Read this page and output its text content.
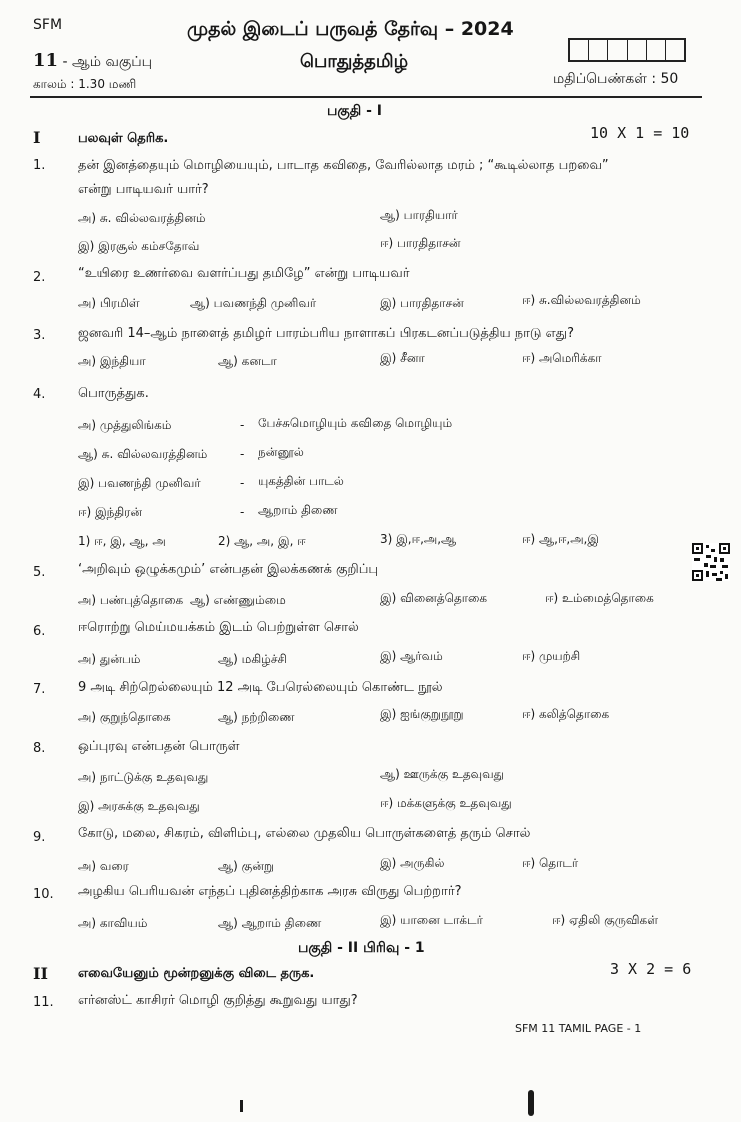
SFM	முதல் இடைப் பருவத் தேர்வு – 2024
11 - ஆம் வகுப்பு	பொதுத்தமிழ்
காலம் : 1.30 மணி	மதிப்பெண்கள் : 50
பகுதி - I
I	பலவுள் தெரிக.	10 X 1 = 10
1.	தன் இனத்தையும் மொழியையும், பாடாத கவிதை, வேரில்லாத மரம் ; “கூடில்லாத பறவை”
என்று பாடியவர் யார்?
அ) சு. வில்லவரத்தினம்	ஆ) பாரதியார்
இ) இரசூல் கம்சதோவ்	ஈ) பாரதிதாசன்
2.	“உயிரை உணர்வை வளர்ப்பது தமிழே” என்று பாடியவர்
அ) பிரமிள்	ஆ) பவணந்தி முனிவர்	இ) பாரதிதாசன்	ஈ) சு.வில்லவரத்தினம்
3.	ஜனவரி 14–ஆம் நாளைத் தமிழர் பாரம்பரிய நாளாகப் பிரகடனப்படுத்திய நாடு எது?
அ) இந்தியா	ஆ) கனடா	இ) சீனா	ஈ) அமெரிக்கா
4.	பொருத்துக.
அ) முத்துலிங்கம்	- பேச்சுமொழியும் கவிதை மொழியும்
ஆ) சு. வில்லவரத்தினம்	- நன்னூல்
இ) பவணந்தி முனிவர்	- யுகத்தின் பாடல்
ஈ) இந்திரன்	- ஆறாம் திணை
1) ஈ, இ, ஆ, அ	2) ஆ, அ, இ, ஈ	3) இ,ஈ,அ,ஆ	ஈ) ஆ,ஈ,அ,இ
5.	‘அறிவும் ஒழுக்கமும்’ என்பதன் இலக்கணக் குறிப்பு
அ) பண்புத்தொகை ஆ) எண்ணும்மை	இ) வினைத்தொகை	ஈ) உம்மைத்தொகை
6.	ஈரொற்று மெய்மயக்கம் இடம் பெற்றுள்ள சொல்
அ) துன்பம்	ஆ) மகிழ்ச்சி	இ) ஆர்வம்	ஈ) முயற்சி
7.	9 அடி சிற்றெல்லையும் 12 அடி பேரெல்லையும் கொண்ட நூல்
அ) குறுந்தொகை	ஆ) நற்றிணை	இ) ஐங்குறுநூறு	ஈ) கலித்தொகை
8.	ஒப்புரவு என்பதன் பொருள்
அ) நாட்டுக்கு உதவுவது	ஆ) ஊருக்கு உதவுவது
இ) அரசுக்கு உதவுவது	ஈ) மக்களுக்கு உதவுவது
9.	கோடு, மலை, சிகரம், விளிம்பு, எல்லை முதலிய பொருள்களைத் தரும் சொல்
அ) வரை	ஆ) குன்று	இ) அருகில்	ஈ) தொடர்
10. அழகிய பெரியவன் எந்தப் புதினத்திற்காக அரசு விருது பெற்றார்?
அ) காவியம்	ஆ) ஆறாம் திணை	இ) யானை டாக்டர்	ஈ) ஏதிலி குருவிகள்
பகுதி - II பிரிவு - 1
II எவையேனும் மூன்றனுக்கு விடை தருக.	3 X 2 = 6
11. எர்னஸ்ட் காசிரர் மொழி குறித்து கூறுவது யாது?
SFM 11 TAMIL PAGE - 1
